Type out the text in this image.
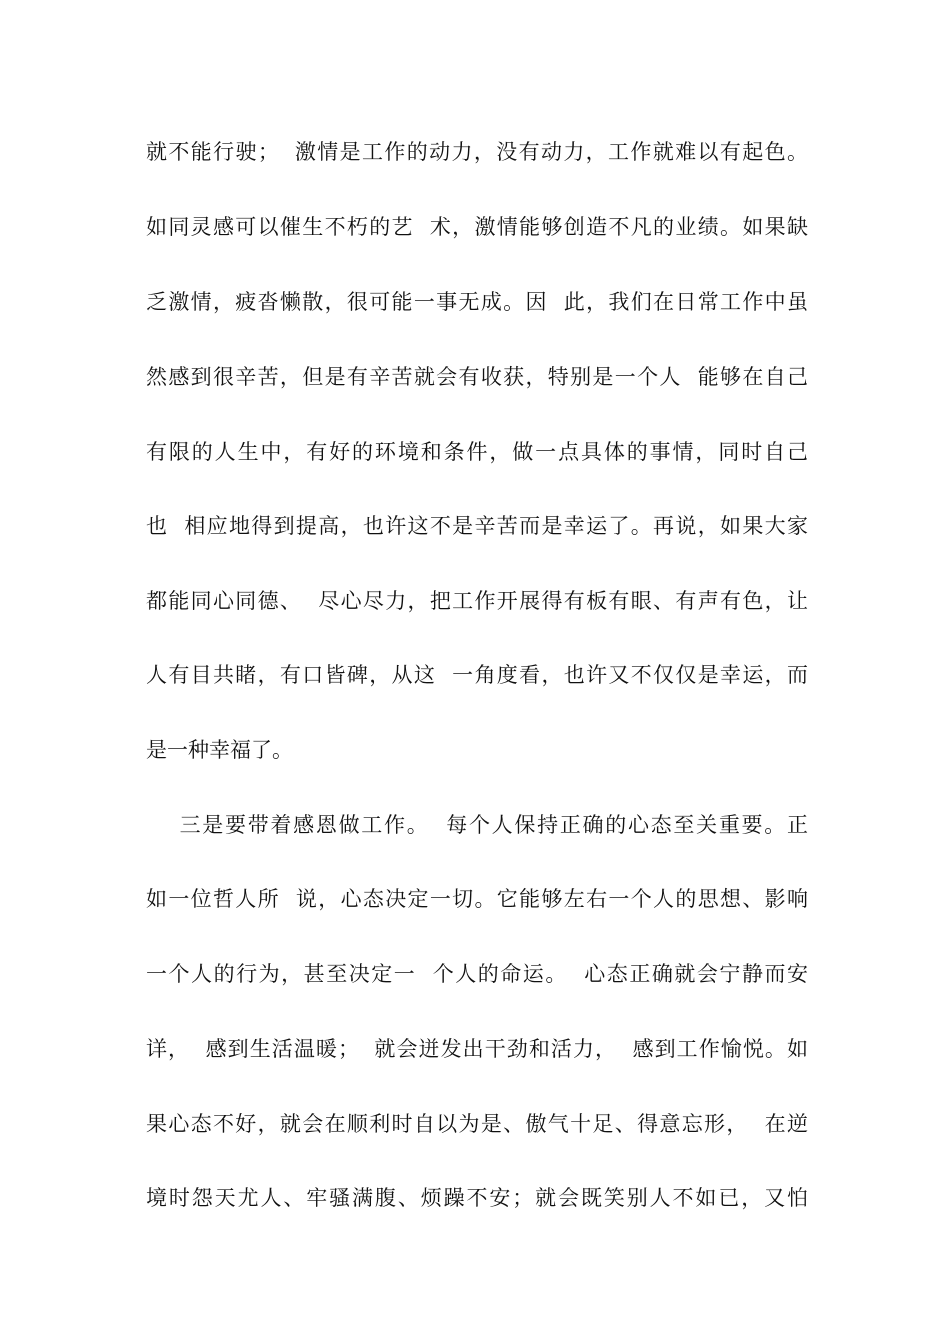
就不能行驶；  激情是工作的动力，没有动力，工作就难以有起色。
如同灵感可以催生不朽的艺  术，激情能够创造不凡的业绩。如果缺
乏激情，疲沓懒散，很可能一事无成。因  此，我们在日常工作中虽
然感到很辛苦，但是有辛苦就会有收获，特别是一个人  能够在自己
有限的人生中，有好的环境和条件，做一点具体的事情，同时自己
也  相应地得到提高，也许这不是辛苦而是幸运了。再说，如果大家
都能同心同德、  尽心尽力，把工作开展得有板有眼、有声有色，让
人有目共睹，有口皆碑，从这  一角度看，也许又不仅仅是幸运，而
是一种幸福了。
三是要带着感恩做工作。  每个人保持正确的心态至关重要。正
如一位哲人所  说，心态决定一切。它能够左右一个人的思想、影响
一个人的行为，甚至决定一  个人的命运。  心态正确就会宁静而安
详，  感到生活温暖；  就会迸发出干劲和活力，  感到工作愉悦。如
果心态不好，就会在顺利时自以为是、傲气十足、得意忘形，  在逆
境时怨天尤人、牢骚满腹、烦躁不安；就会既笑别人不如已，又怕
